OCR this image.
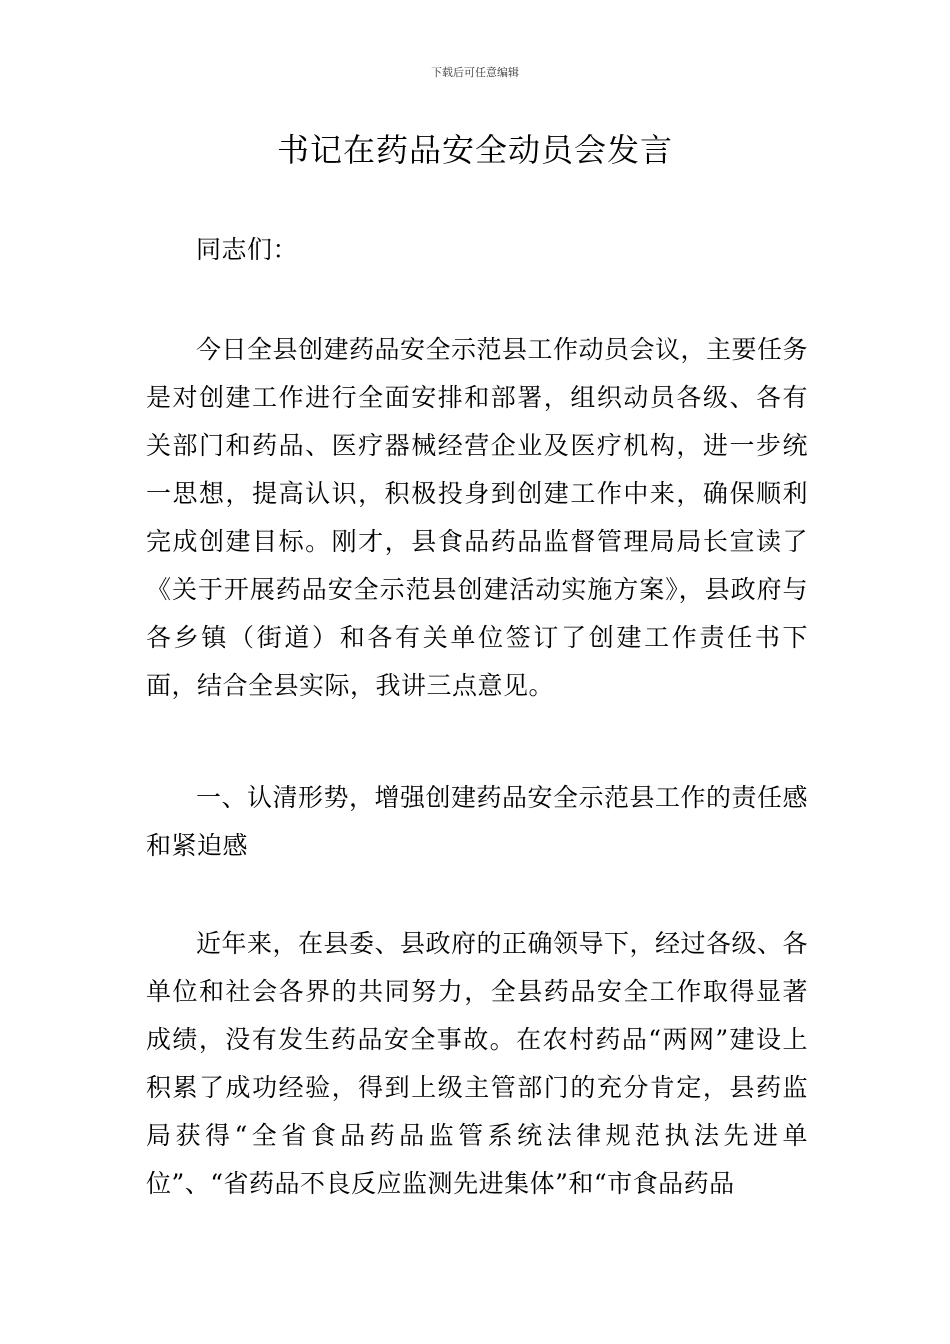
下载后可任意编辑
书记在药品安全动员会发言

同志们：

今日全县创建药品安全示范县工作动员会议，主要任务是对创建工作进行全面安排和部署，组织动员各级、各有关部门和药品、医疗器械经营企业及医疗机构，进一步统一思想，提高认识，积极投身到创建工作中来，确保顺利完成创建目标。刚才，县食品药品监督管理局局长宣读了《关于开展药品安全示范县创建活动实施方案》，县政府与各乡镇（街道）和各有关单位签订了创建工作责任书下面，结合全县实际，我讲三点意见。

一、认清形势，增强创建药品安全示范县工作的责任感和紧迫感

近年来，在县委、县政府的正确领导下，经过各级、各单位和社会各界的共同努力，全县药品安全工作取得显著成绩，没有发生药品安全事故。在农村药品“两网”建设上积累了成功经验，得到上级主管部门的充分肯定，县药监局获得“全省食品药品监管系统法律规范执法先进单位”、“省药品不良反应监测先进集体”和“市食品药品
